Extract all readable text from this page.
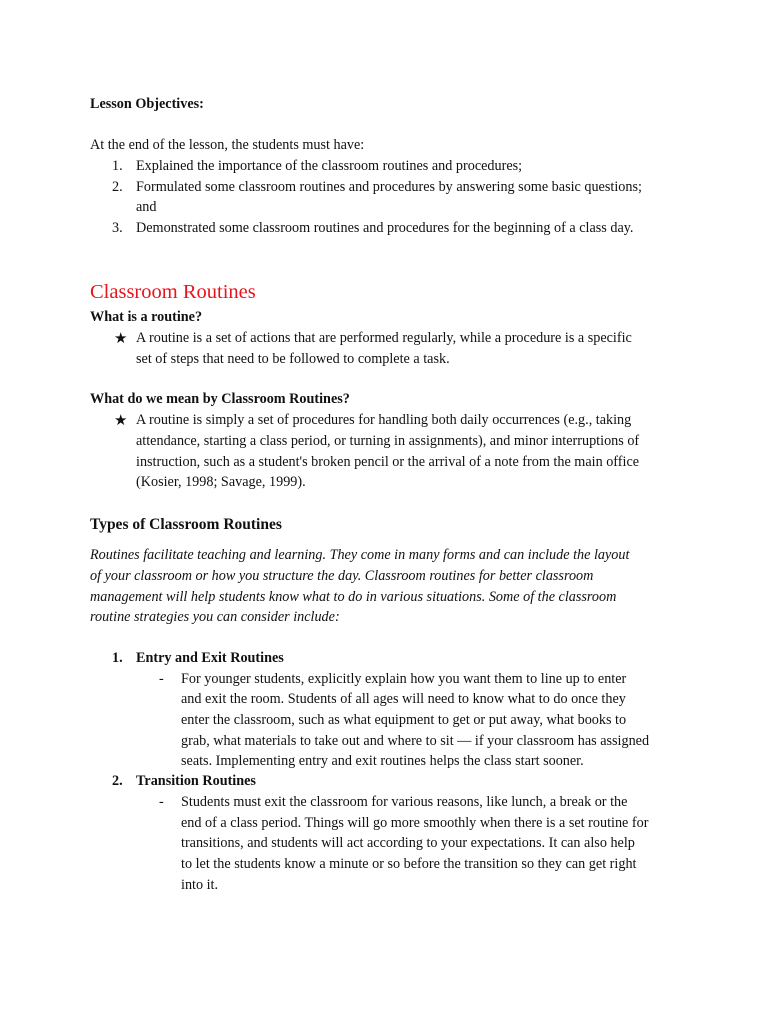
Lesson Objectives:
At the end of the lesson, the students must have:
1. Explained the importance of the classroom routines and procedures;
2. Formulated some classroom routines and procedures by answering some basic questions;
and
3. Demonstrated some classroom routines and procedures for the beginning of a class day.
Classroom Routines
What is a routine?
★ A routine is a set of actions that are performed regularly, while a procedure is a specific
set of steps that need to be followed to complete a task.
What do we mean by Classroom Routines?
★ A routine is simply a set of procedures for handling both daily occurrences (e.g., taking
attendance, starting a class period, or turning in assignments), and minor interruptions of
instruction, such as a student's broken pencil or the arrival of a note from the main office
(Kosier, 1998; Savage, 1999).
Types of Classroom Routines
Routines facilitate teaching and learning. They come in many forms and can include the layout
of your classroom or how you structure the day. Classroom routines for better classroom
management will help students know what to do in various situations. Some of the classroom
routine strategies you can consider include:
1. Entry and Exit Routines
- For younger students, explicitly explain how you want them to line up to enter
and exit the room. Students of all ages will need to know what to do once they
enter the classroom, such as what equipment to get or put away, what books to
grab, what materials to take out and where to sit — if your classroom has assigned
seats. Implementing entry and exit routines helps the class start sooner.
2. Transition Routines
- Students must exit the classroom for various reasons, like lunch, a break or the
end of a class period. Things will go more smoothly when there is a set routine for
transitions, and students will act according to your expectations. It can also help
to let the students know a minute or so before the transition so they can get right
into it.
